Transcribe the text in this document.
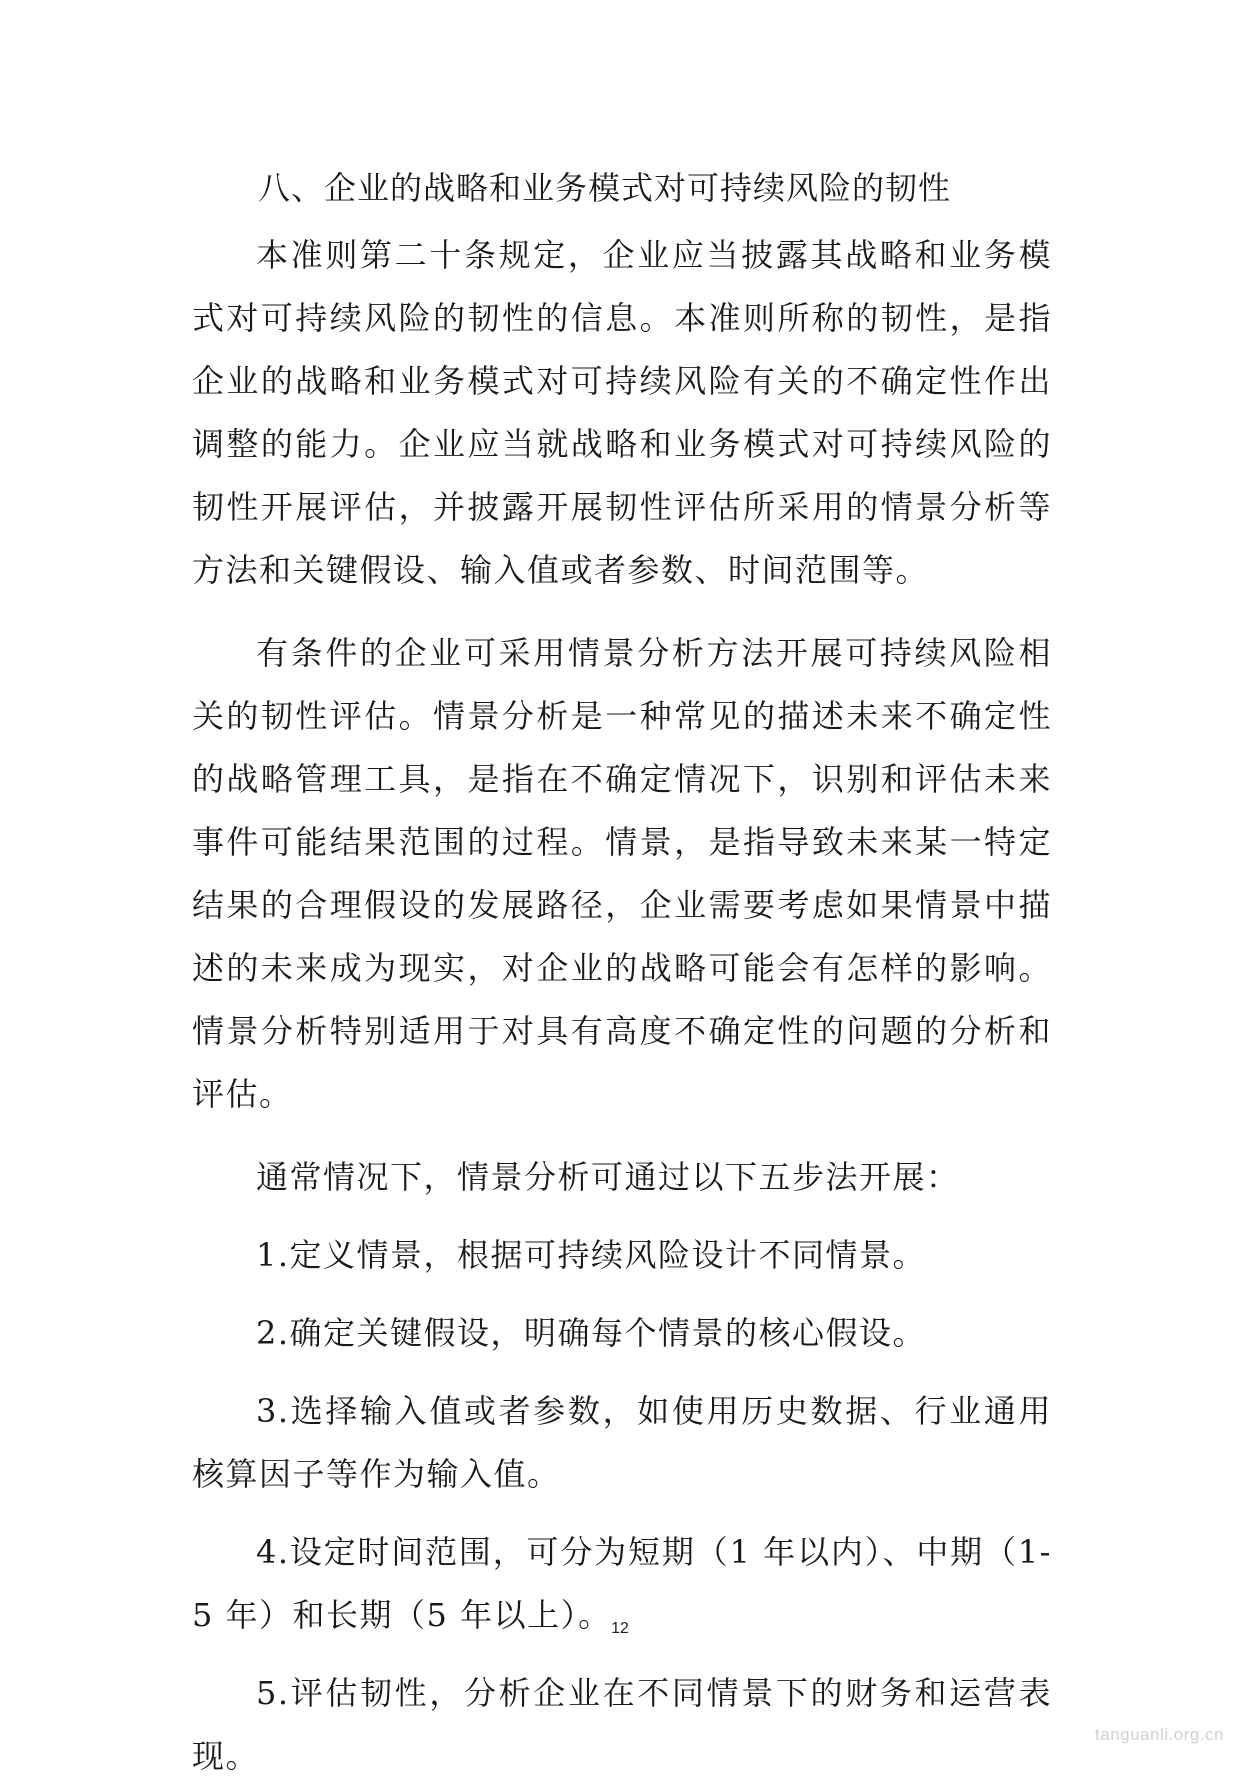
八、企业的战略和业务模式对可持续风险的韧性

本准则第二十条规定，企业应当披露其战略和业务模式对可持续风险的韧性的信息。本准则所称的韧性，是指企业的战略和业务模式对可持续风险有关的不确定性作出调整的能力。企业应当就战略和业务模式对可持续风险的韧性开展评估，并披露开展韧性评估所采用的情景分析等方法和关键假设、输入值或者参数、时间范围等。

有条件的企业可采用情景分析方法开展可持续风险相关的韧性评估。情景分析是一种常见的描述未来不确定性的战略管理工具，是指在不确定情况下，识别和评估未来事件可能结果范围的过程。情景，是指导致未来某一特定结果的合理假设的发展路径，企业需要考虑如果情景中描述的未来成为现实，对企业的战略可能会有怎样的影响。情景分析特别适用于对具有高度不确定性的问题的分析和评估。

通常情况下，情景分析可通过以下五步法开展：

1.定义情景，根据可持续风险设计不同情景。

2.确定关键假设，明确每个情景的核心假设。

3.选择输入值或者参数，如使用历史数据、行业通用核算因子等作为输入值。

4.设定时间范围，可分为短期（1 年以内）、中期（1-5 年）和长期（5 年以上）。

5.评估韧性，分析企业在不同情景下的财务和运营表现。

12
tanguanli.org.cn
